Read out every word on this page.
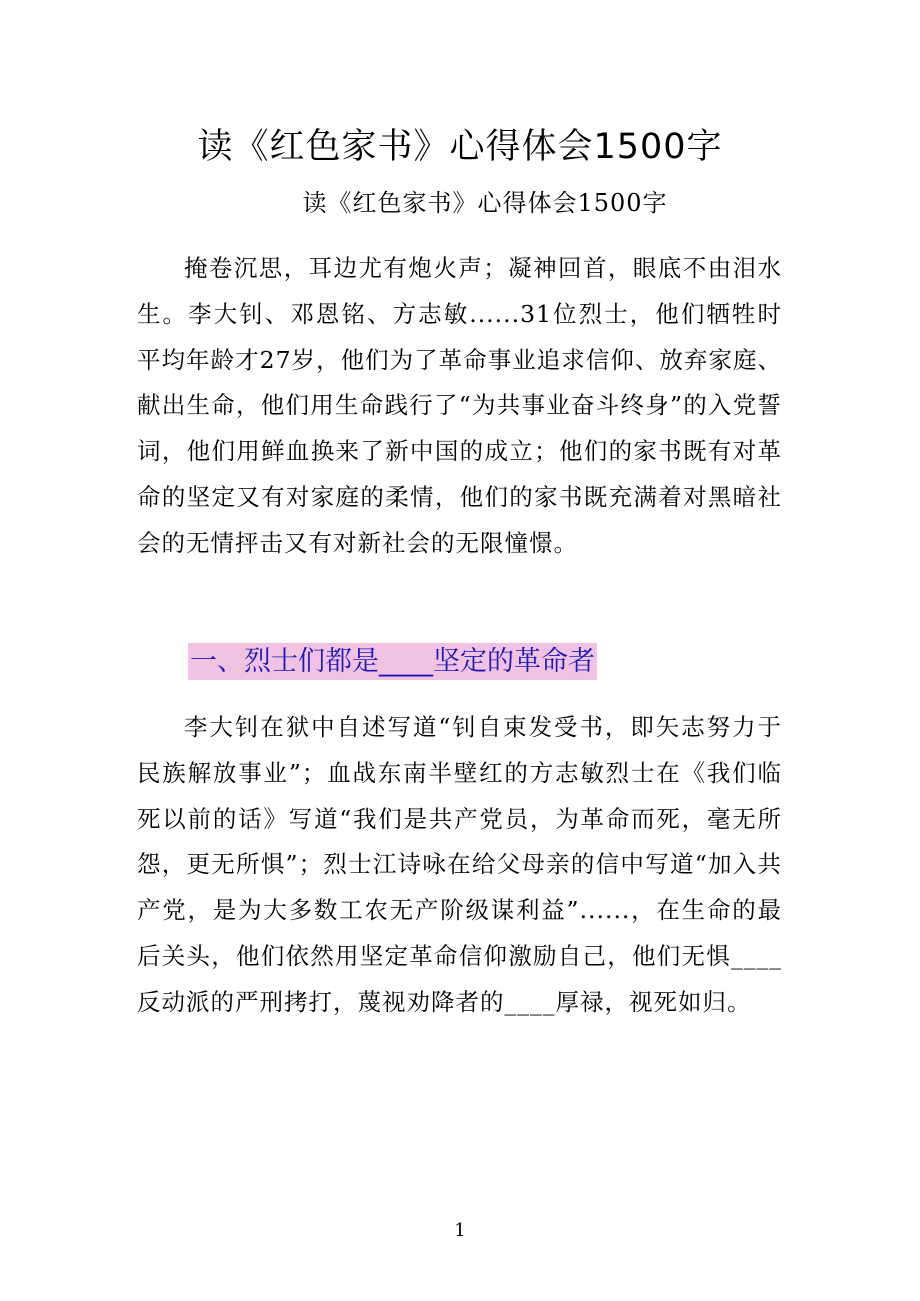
读《红色家书》心得体会1500字
读《红色家书》心得体会1500字

掩卷沉思，耳边尤有炮火声；凝神回首，眼底不由泪水生。李大钊、邓恩铭、方志敏......31位烈士，他们牺牲时平均年龄才27岁，他们为了革命事业追求信仰、放弃家庭、献出生命，他们用生命践行了“为共事业奋斗终身”的入党誓词，他们用鲜血换来了新中国的成立；他们的家书既有对革命的坚定又有对家庭的柔情，他们的家书既充满着对黑暗社会的无情抨击又有对新社会的无限憧憬。

一、烈士们都是____坚定的革命者

李大钊在狱中自述写道“钊自束发受书，即矢志努力于民族解放事业”；血战东南半壁红的方志敏烈士在《我们临死以前的话》写道“我们是共产党员，为革命而死，毫无所怨，更无所惧”；烈士江诗咏在给父母亲的信中写道“加入共产党，是为大多数工农无产阶级谋利益”......，在生命的最后关头，他们依然用坚定革命信仰激励自己，他们无惧____反动派的严刑拷打，蔑视劝降者的____厚禄，视死如归。

1
